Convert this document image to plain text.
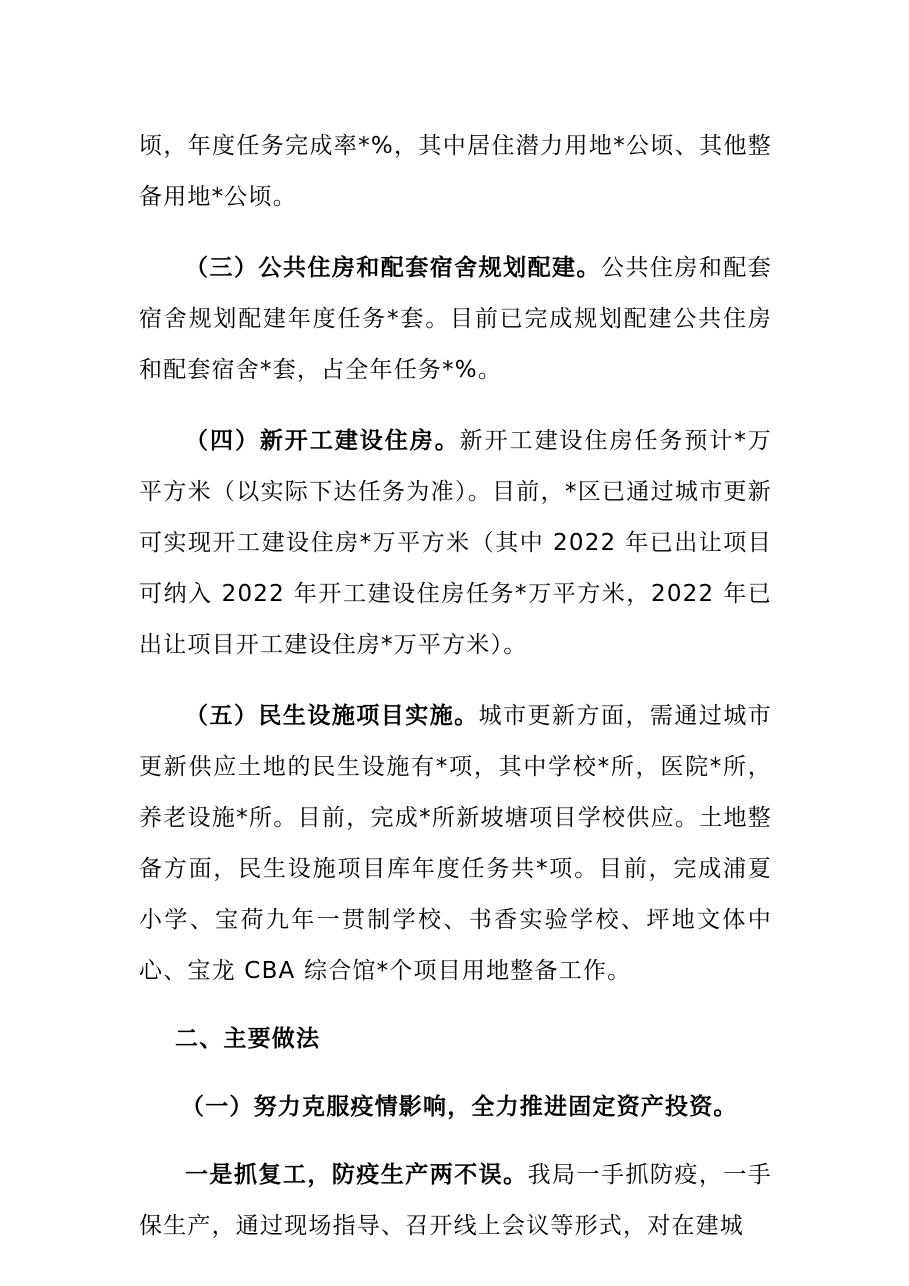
顷，年度任务完成率*%，其中居住潜力用地*公顷、其他整备用地*公顷。

（三）公共住房和配套宿舍规划配建。公共住房和配套宿舍规划配建年度任务*套。目前已完成规划配建公共住房和配套宿舍*套，占全年任务*%。

（四）新开工建设住房。新开工建设住房任务预计*万平方米（以实际下达任务为准）。目前，*区已通过城市更新可实现开工建设住房*万平方米（其中 2022 年已出让项目可纳入 2022 年开工建设住房任务*万平方米，2022 年已出让项目开工建设住房*万平方米）。

（五）民生设施项目实施。城市更新方面，需通过城市更新供应土地的民生设施有*项，其中学校*所，医院*所，养老设施*所。目前，完成*所新坡塘项目学校供应。土地整备方面，民生设施项目库年度任务共*项。目前，完成浦夏小学、宝荷九年一贯制学校、书香实验学校、坪地文体中心、宝龙 CBA 综合馆*个项目用地整备工作。

二、主要做法

（一）努力克服疫情影响，全力推进固定资产投资。

一是抓复工，防疫生产两不误。我局一手抓防疫，一手保生产，通过现场指导、召开线上会议等形式，对在建城
